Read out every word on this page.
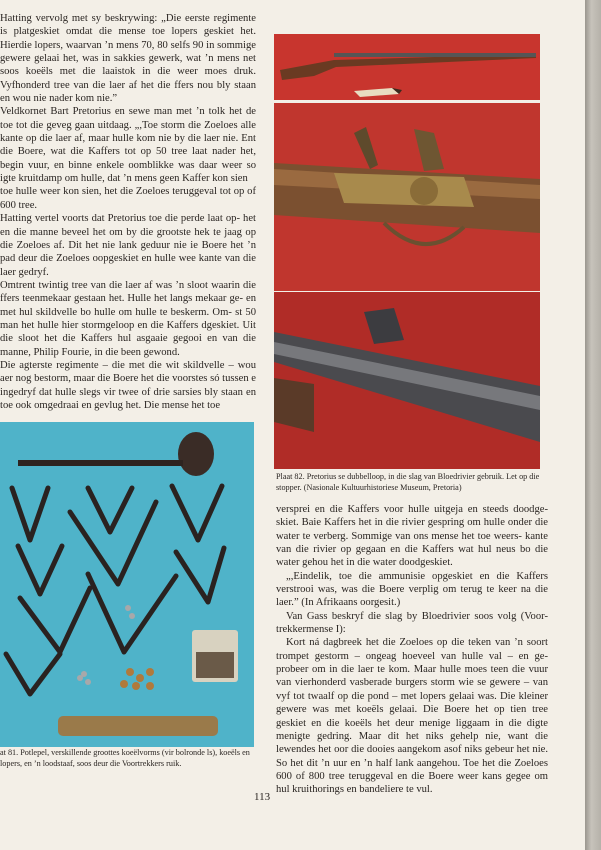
Hatting vervolg met sy beskrywing: „Die eerste regimente is platgeskiet omdat die mense toe lopers geskiet het. Hierdie lopers, waarvan ’n mens 70, 80 selfs 90 in sommige gewere gelaai het, was in sakkies gewerk, wat ’n mens net soos koeëls met die laaistok in die weer moes druk. Vyfhonderd tree van die laer af het die ffers nou bly staan en wou nie nader kom nie.”

Veldkornet Bart Pretorius en sewe man met ’n tolk het de toe tot die geveg gaan uitdaag. „,Toe storm die Zoeloes alle kante op die laer af, maar hulle kom nie by die laer nie. Ent die Boere, wat die Kaffers tot op 50 tree laat nader het, begin vuur, en binne enkele oomblikke was daar weer so igte kruitdamp om hulle, dat ’n mens geen Kaffer kon sien

toe hulle weer kon sien, het die Zoeloes teruggeval tot op of 600 tree.

Hatting vertel voorts dat Pretorius toe die perde laat op- het en die manne beveel het om by die grootste hek te jaag op die Zoeloes af. Dit het nie lank geduur nie ie Boere het ’n pad deur die Zoeloes oopgeskiet en hulle wee kante van die laer gedryf.

Omtrent twintig tree van die laer af was ’n sloot waarin die ffers teenmekaar gestaan het. Hulle het langs mekaar ge- en met hul skildvelle bo hulle om hulle te beskerm. Om- st 50 man het hulle hier stormgeloop en die Kaffers dgeskiet. Uit die sloot het die Kaffers hul asgaaie gegooi en van die manne, Philip Fourie, in die been gewond.

Die agterste regimente – die met die wit skildvelle – wou aer nog bestorm, maar die Boere het die voorstes só tussen e ingedryf dat hulle slegs vir twee of drie sarsies bly staan en toe ook omgedraai en gevlug het. Die mense het toe

Plaat 82. Pretorius se dubbelloop, in die slag van Bloedrivier gebruik. Let op die stopper. (Nasionale Kultuurhistoriese Museum, Pretoria)
at 81. Potlepel, verskillende groottes koeëlvorms (vir bolronde ls), koeëls en lopers, en ’n loodstaaf, soos deur die Voortrekkers ruik.

versprei en die Kaffers voor hulle uitgeja en steeds doodge- skiet. Baie Kaffers het in die rivier gespring om hulle onder die water te verberg. Sommige van ons mense het toe weers- kante van die rivier op gegaan en die Kaffers wat hul neus bo die water gehou het in die water doodgeskiet.

„,Eindelik, toe die ammunisie opgeskiet en die Kaffers verstrooi was, was die Boere verplig om terug te keer na die laer.” (In Afrikaans oorgesit.)

Van Gass beskryf die slag by Bloedrivier soos volg (Voor- trekkermense I):

Kort ná dagbreek het die Zoeloes op die teken van ’n soort trompet gestorm – ongeag hoeveel van hulle val – en ge- probeer om in die laer te kom. Maar hulle moes teen die vuur van vierhonderd vasberade burgers storm wie se gewere – van vyf tot twaalf op die pond – met lopers gelaai was. Die kleiner gewere was met koeëls gelaai. Die Boere het op tien tree geskiet en die koeëls het deur menige liggaam in die digte menigte gedring. Maar dit het niks gehelp nie, want die lewendes het oor die dooies aangekom asof niks gebeur het nie. So het dit ’n uur en ’n half lank aangehou. Toe het die Zoeloes 600 of 800 tree teruggeval en die Boere weer kans gegee om hul kruithorings en bandeliere te vul.

113
